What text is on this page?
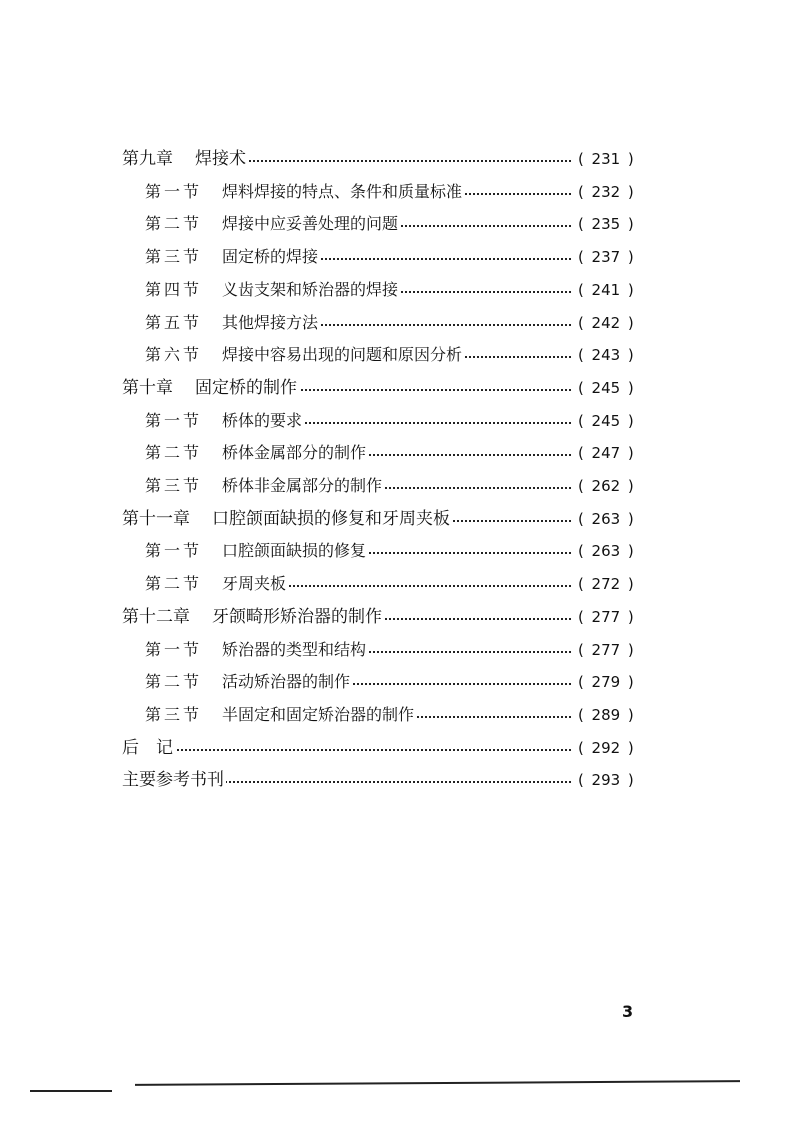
第九章 焊接术	( 231 )
第一节 焊料焊接的特点、条件和质量标准	( 232 )
第二节 焊接中应妥善处理的问题	( 235 )
第三节 固定桥的焊接	( 237 )
第四节 义齿支架和矫治器的焊接	( 241 )
第五节 其他焊接方法	( 242 )
第六节 焊接中容易出现的问题和原因分析	( 243 )
第十章 固定桥的制作	( 245 )
第一节 桥体的要求	( 245 )
第二节 桥体金属部分的制作	( 247 )
第三节 桥体非金属部分的制作	( 262 )
第十一章 口腔颌面缺损的修复和牙周夹板	( 263 )
第一节 口腔颌面缺损的修复	( 263 )
第二节 牙周夹板	( 272 )
第十二章 牙颌畸形矫治器的制作	( 277 )
第一节 矫治器的类型和结构	( 277 )
第二节 活动矫治器的制作	( 279 )
第三节 半固定和固定矫治器的制作	( 289 )
后　记	( 292 )
主要参考书刊	( 293 )
3
